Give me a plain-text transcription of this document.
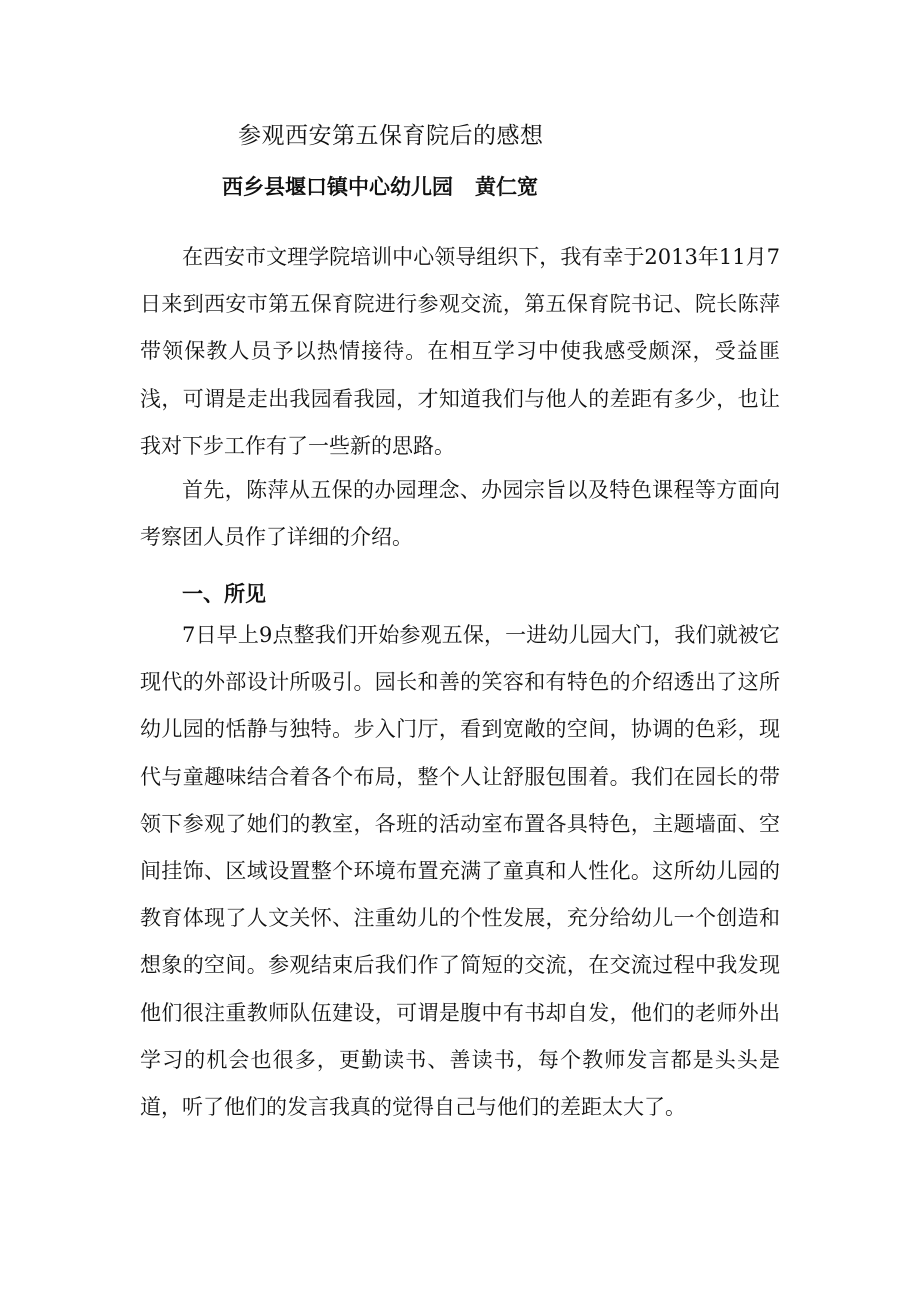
参观西安第五保育院后的感想
西乡县堰口镇中心幼儿园 黄仁宽

在西安市文理学院培训中心领导组织下，我有幸于2013年11月7日来到西安市第五保育院进行参观交流，第五保育院书记、院长陈萍带领保教人员予以热情接待。在相互学习中使我感受颇深，受益匪浅，可谓是走出我园看我园，才知道我们与他人的差距有多少，也让我对下步工作有了一些新的思路。

首先，陈萍从五保的办园理念、办园宗旨以及特色课程等方面向考察团人员作了详细的介绍。

一、所见

7日早上9点整我们开始参观五保，一进幼儿园大门，我们就被它现代的外部设计所吸引。园长和善的笑容和有特色的介绍透出了这所幼儿园的恬静与独特。步入门厅，看到宽敞的空间，协调的色彩，现代与童趣味结合着各个布局，整个人让舒服包围着。我们在园长的带领下参观了她们的教室，各班的活动室布置各具特色，主题墙面、空间挂饰、区域设置整个环境布置充满了童真和人性化。这所幼儿园的教育体现了人文关怀、注重幼儿的个性发展，充分给幼儿一个创造和想象的空间。参观结束后我们作了简短的交流，在交流过程中我发现他们很注重教师队伍建设，可谓是腹中有书却自发，他们的老师外出学习的机会也很多，更勤读书、善读书，每个教师发言都是头头是道，听了他们的发言我真的觉得自己与他们的差距太大了。
